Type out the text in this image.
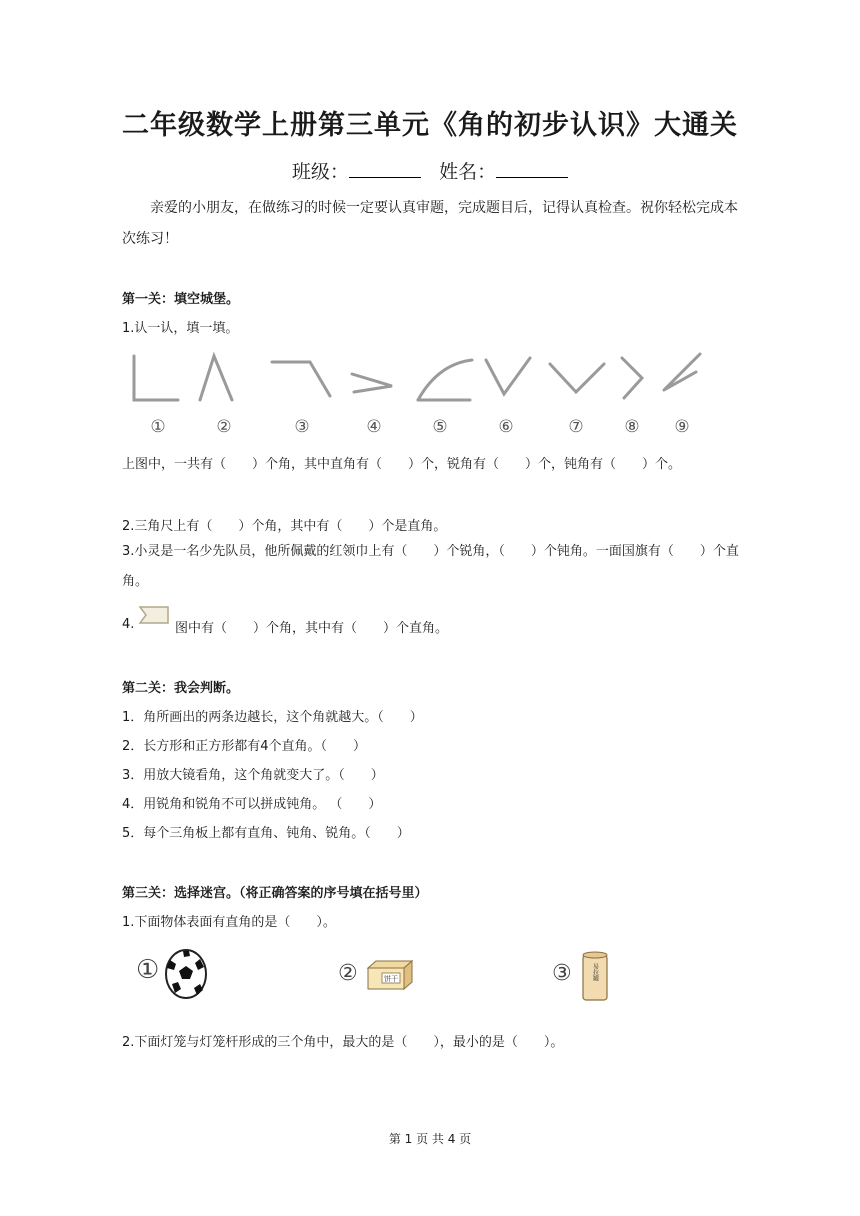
二年级数学上册第三单元《角的初步认识》大通关
班级：	姓名：
亲爱的小朋友，在做练习的时候一定要认真审题，完成题目后，记得认真检查。祝你轻松完成本次练习！
第一关：填空城堡。
1.认一认，填一填。
①	②	③	④	⑤	⑥	⑦ ⑧ ⑨
上图中，一共有（　　）个角，其中直角有（　　）个，锐角有（　　）个，钝角有（　　）个。
2.三角尺上有（　　）个角，其中有（　　）个是直角。
3.小灵是一名少先队员，他所佩戴的红领巾上有（　　）个锐角，（　　）个钝角。一面国旗有（　　）个直角。
4.	图中有（　　）个角，其中有（　　）个直角。
第二关：我会判断。
1．角所画出的两条边越长，这个角就越大。（　　）
2．长方形和正方形都有4个直角。（　　）
3．用放大镜看角，这个角就变大了。（　　）
4．用锐角和锐角不可以拼成钝角。 （　　）
5．每个三角板上都有直角、钝角、锐角。（　　）
第三关：选择迷宫。（将正确答案的序号填在括号里）
1.下面物体表面有直角的是（　　）。
①	②	饼干	③	易拉罐
2.下面灯笼与灯笼杆形成的三个角中，最大的是（　　），最小的是（　　）。
第 1 页 共 4 页
